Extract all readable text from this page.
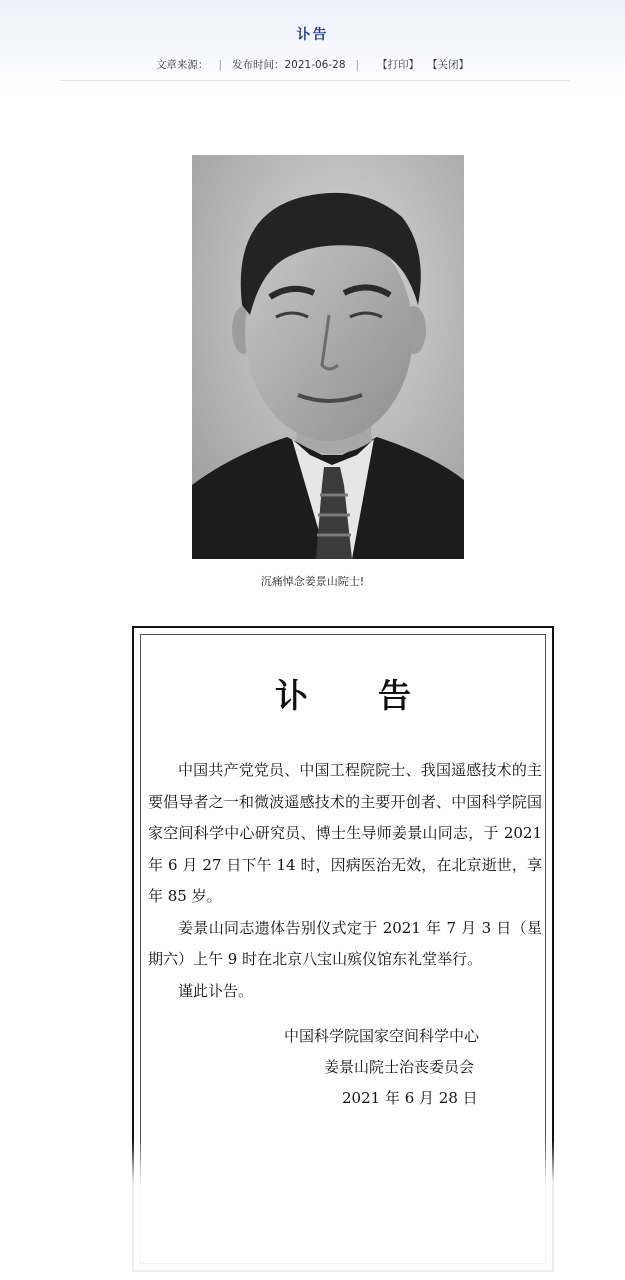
讣告
文章来源： | 发布时间：2021-06-28 | 【打印】 【关闭】
沉痛悼念姜景山院士!
讣告

中国共产党党员、中国工程院院士、我国遥感技术的主要倡导者之一和微波遥感技术的主要开创者、中国科学院国家空间科学中心研究员、博士生导师姜景山同志，于 2021 年 6 月 27 日下午 14 时，因病医治无效，在北京逝世，享年 85 岁。

姜景山同志遗体告别仪式定于 2021 年 7 月 3 日（星期六）上午 9 时在北京八宝山殡仪馆东礼堂举行。

谨此讣告。

中国科学院国家空间科学中心
姜景山院士治丧委员会
2021 年 6 月 28 日
